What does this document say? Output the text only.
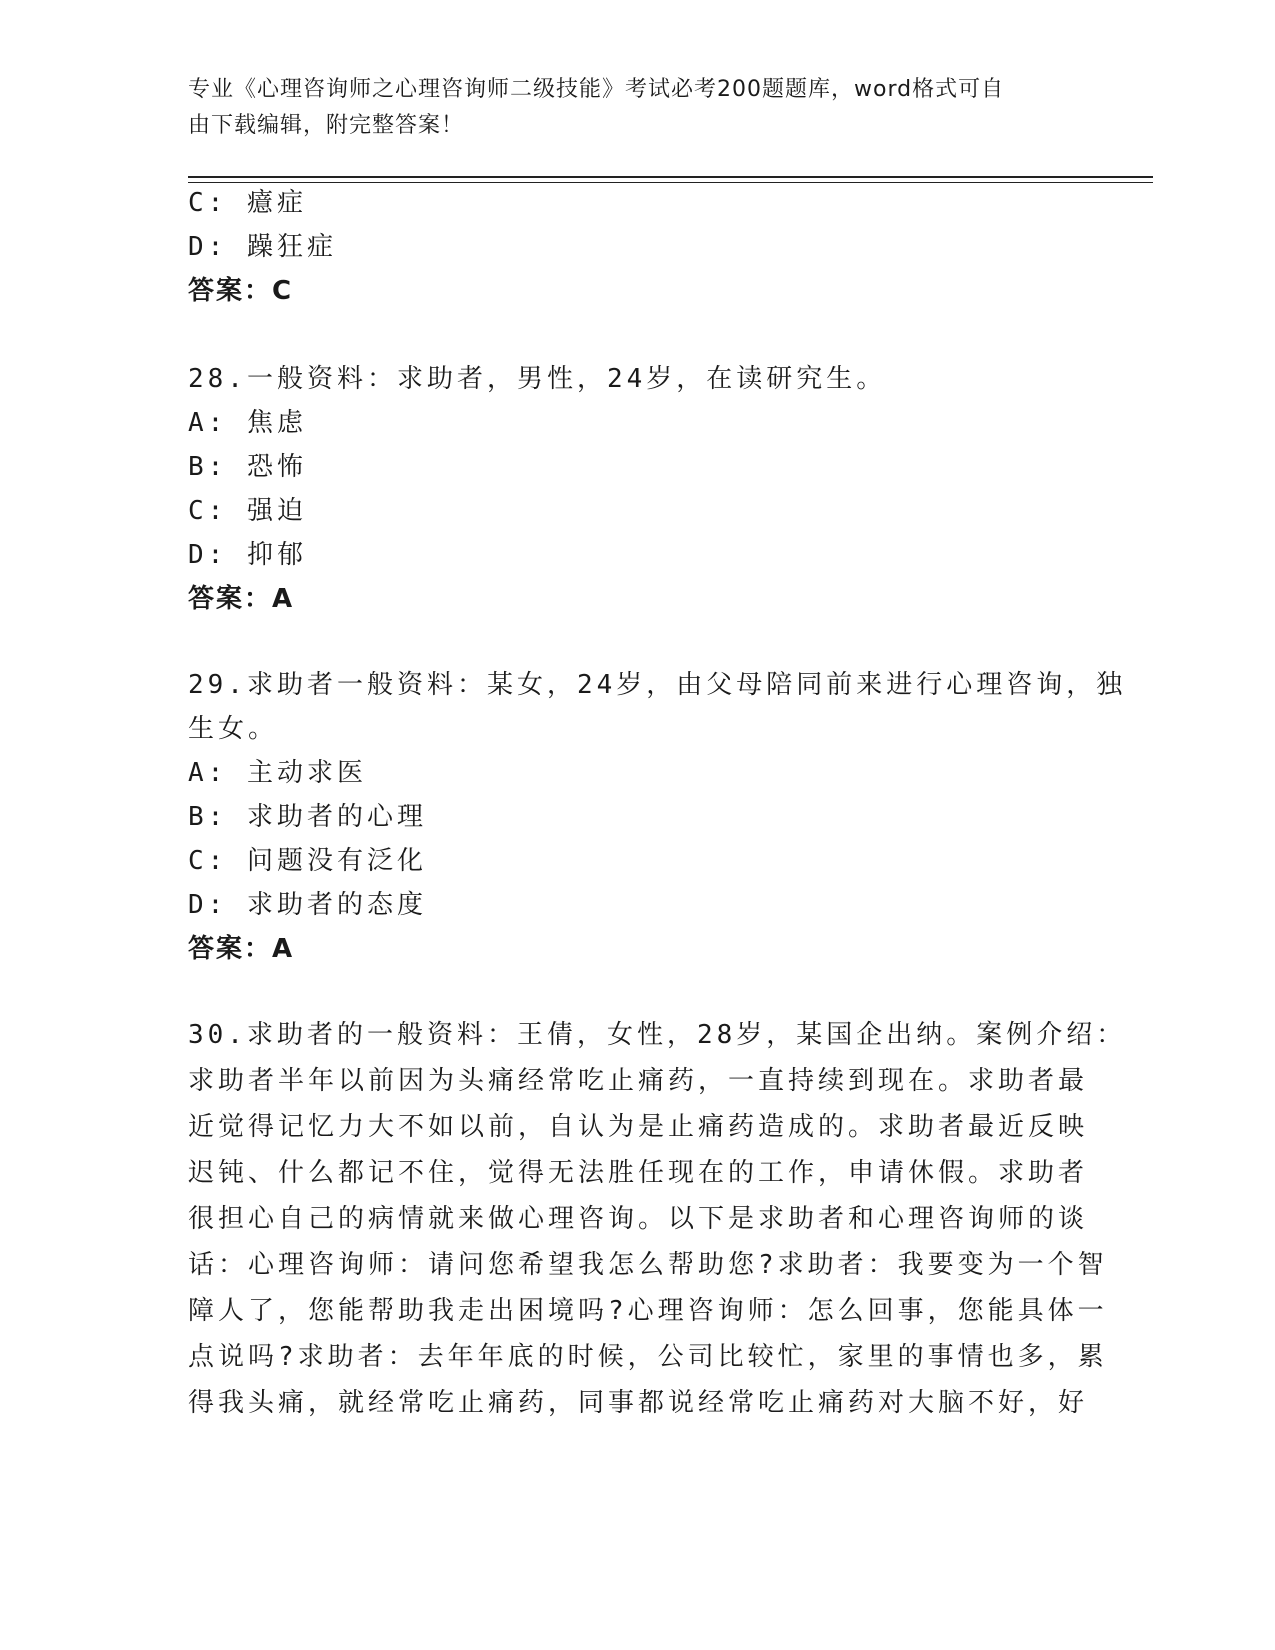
专业《心理咨询师之心理咨询师二级技能》考试必考200题题库，word格式可自
由下载编辑，附完整答案！
C: 癔症
D: 躁狂症
答案：C
28.一般资料：求助者，男性，24岁，在读研究生。
A: 焦虑
B: 恐怖
C: 强迫
D: 抑郁
答案：A
29.求助者一般资料：某女，24岁，由父母陪同前来进行心理咨询，独
生女。
A: 主动求医
B: 求助者的心理
C: 问题没有泛化
D: 求助者的态度
答案：A
30.求助者的一般资料：王倩，女性，28岁，某国企出纳。案例介绍：
求助者半年以前因为头痛经常吃止痛药，一直持续到现在。求助者最
近觉得记忆力大不如以前，自认为是止痛药造成的。求助者最近反映
迟钝、什么都记不住，觉得无法胜任现在的工作，申请休假。求助者
很担心自己的病情就来做心理咨询。以下是求助者和心理咨询师的谈
话：心理咨询师：请问您希望我怎么帮助您?求助者：我要变为一个智
障人了，您能帮助我走出困境吗?心理咨询师：怎么回事，您能具体一
点说吗?求助者：去年年底的时候，公司比较忙，家里的事情也多，累
得我头痛，就经常吃止痛药，同事都说经常吃止痛药对大脑不好，好
